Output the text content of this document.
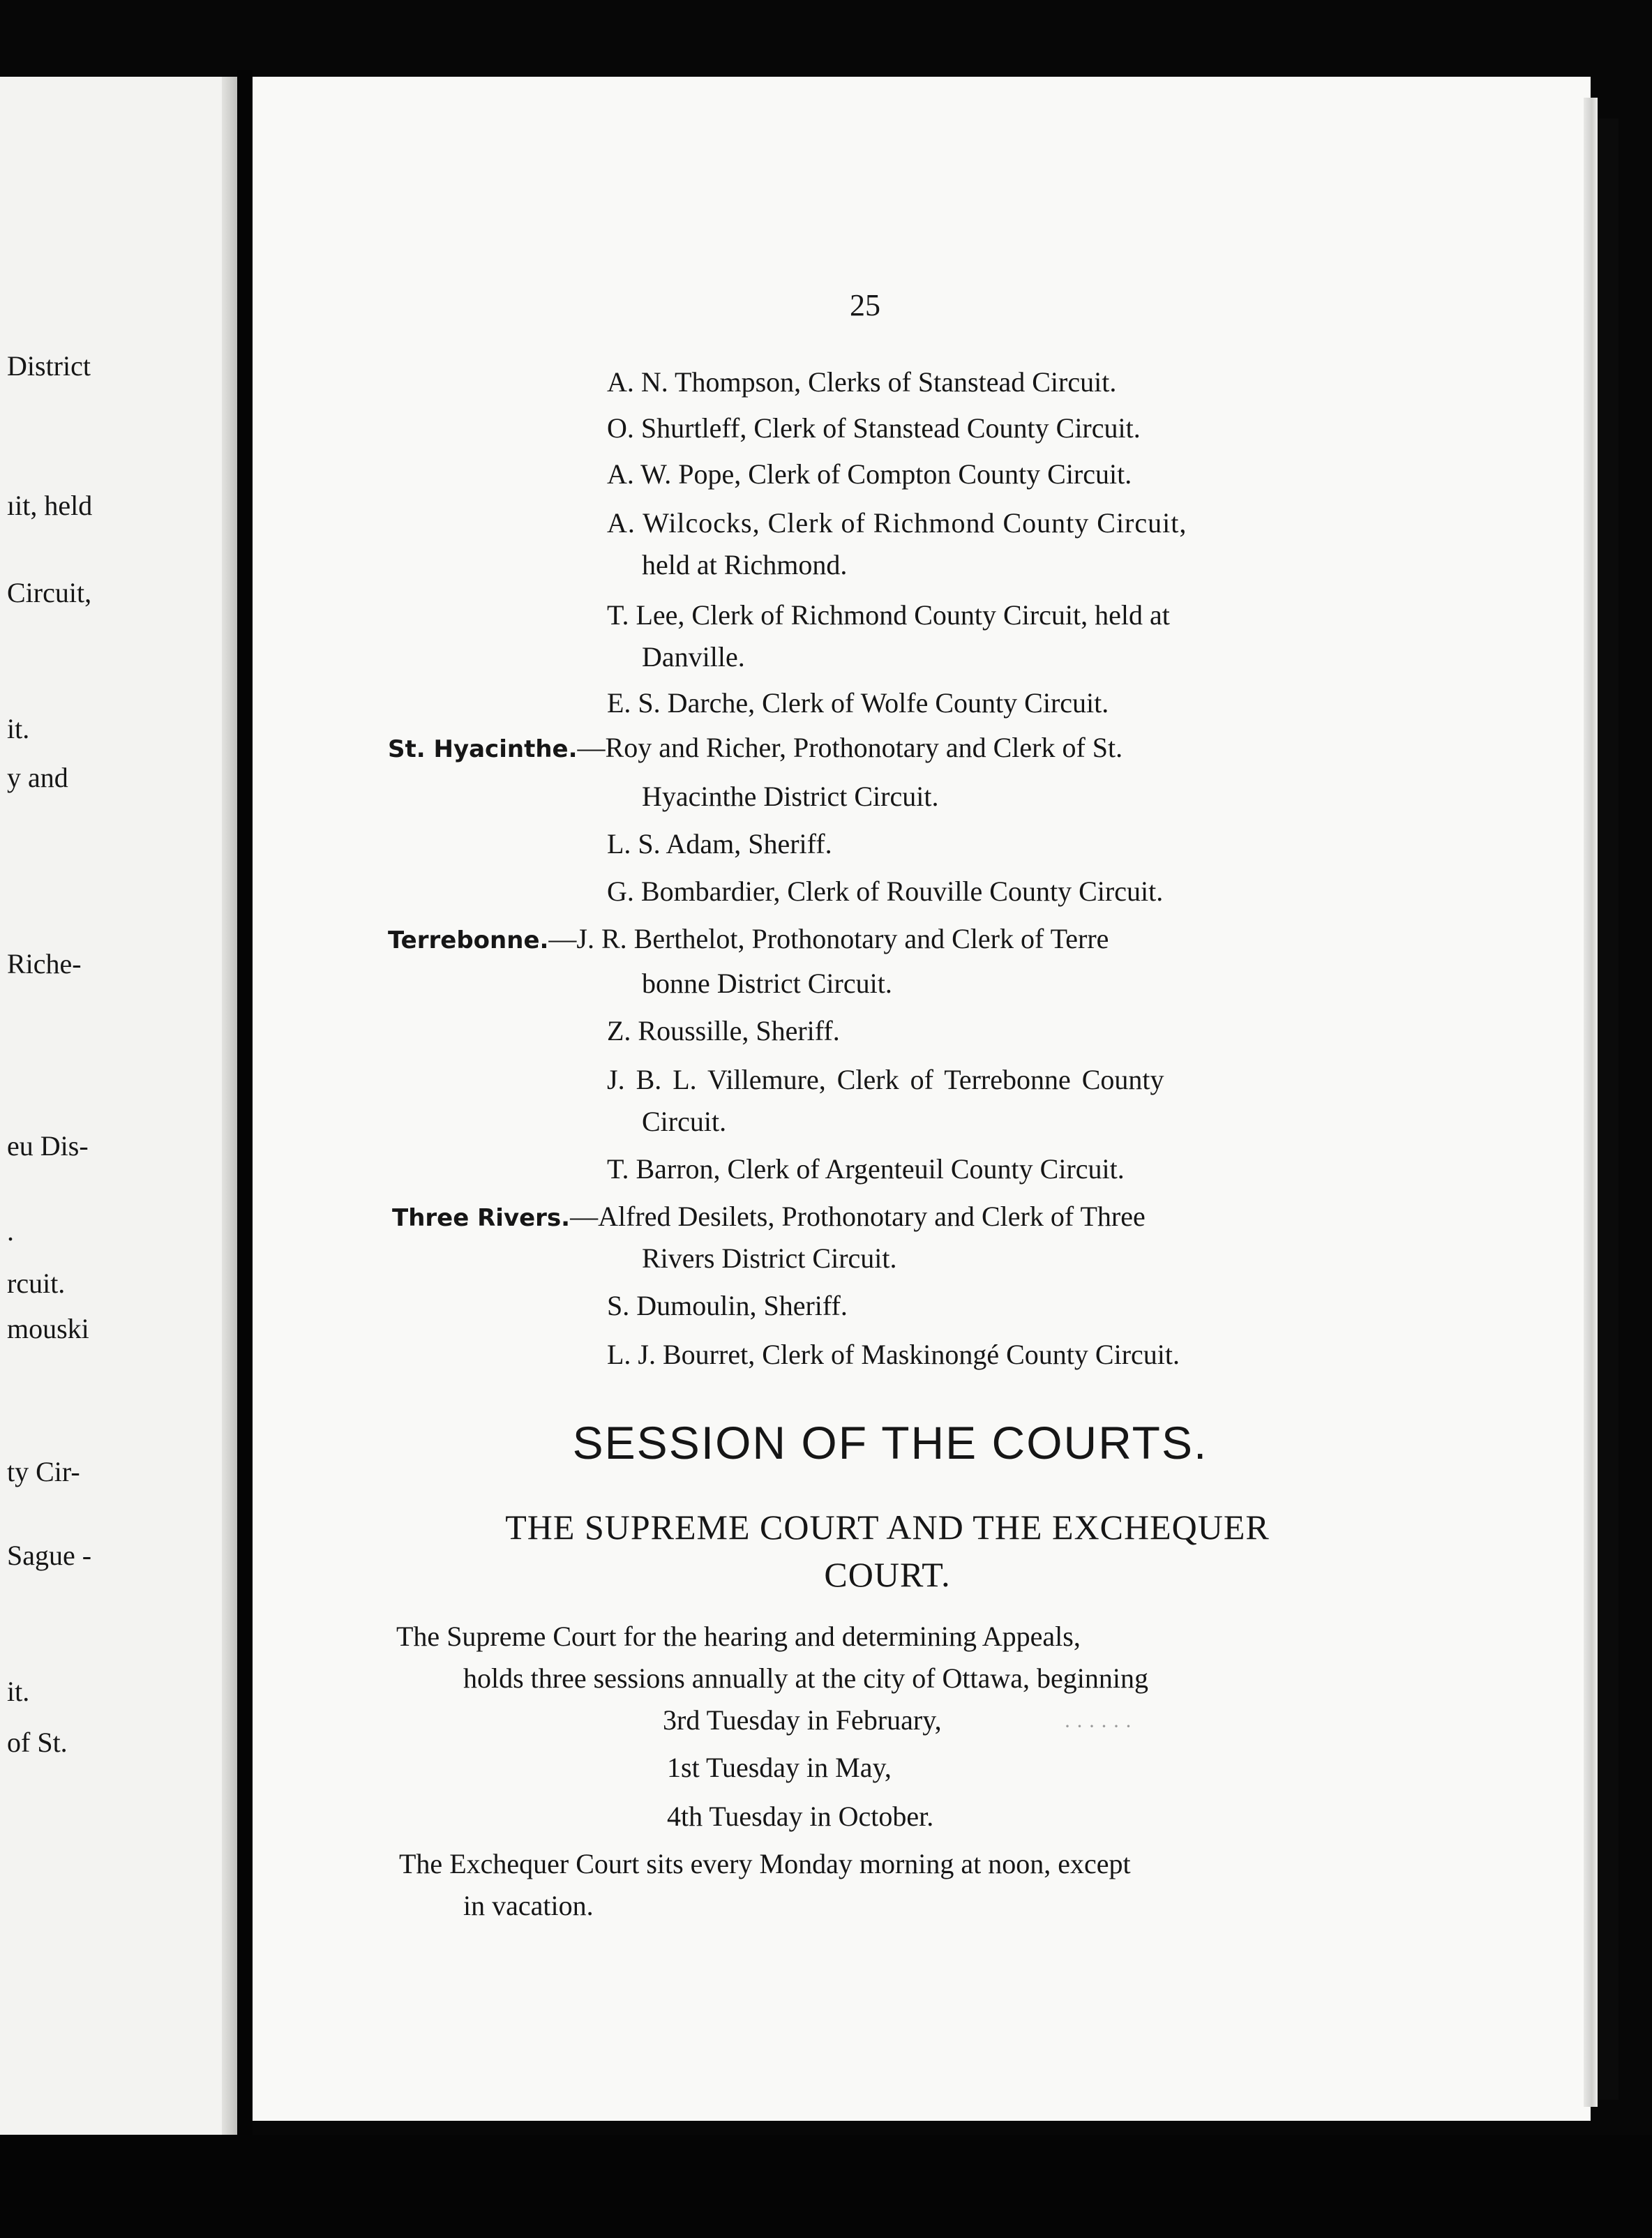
District
ıit, held
Circuit,
it.
y and
Riche-
eu Dis-
.
rcuit.
mouski
ty Cir-
Sague -
it.
of St.
25
A. N. Thompson, Clerks of Stanstead Circuit.
O. Shurtleff, Clerk of Stanstead County Circuit.
A. W. Pope, Clerk of Compton County Circuit.
A. Wilcocks, Clerk of Richmond County Circuit,
held at Richmond.
T. Lee, Clerk of Richmond County Circuit, held at
Danville.
E. S. Darche, Clerk of Wolfe County Circuit.
St. Hyacinthe.—Roy and Richer, Prothonotary and Clerk of St.
Hyacinthe District Circuit.
L. S. Adam, Sheriff.
G. Bombardier, Clerk of Rouville County Circuit.
Terrebonne.—J. R. Berthelot, Prothonotary and Clerk of Terre
bonne District Circuit.
Z. Roussille, Sheriff.
J. B. L. Villemure, Clerk of Terrebonne County
Circuit.
T. Barron, Clerk of Argenteuil County Circuit.
Three Rivers.—Alfred Desilets, Prothonotary and Clerk of Three
Rivers District Circuit.
S. Dumoulin, Sheriff.
L. J. Bourret, Clerk of Maskinongé County Circuit.
SESSION OF THE COURTS.
THE SUPREME COURT AND THE EXCHEQUER
COURT.
The Supreme Court for the hearing and determining Appeals,
holds three sessions annually at the city of Ottawa, beginning
3rd Tuesday in February,	· · · · · ·
1st Tuesday in May,
4th Tuesday in October.
The Exchequer Court sits every Monday morning at noon, except
in vacation.
